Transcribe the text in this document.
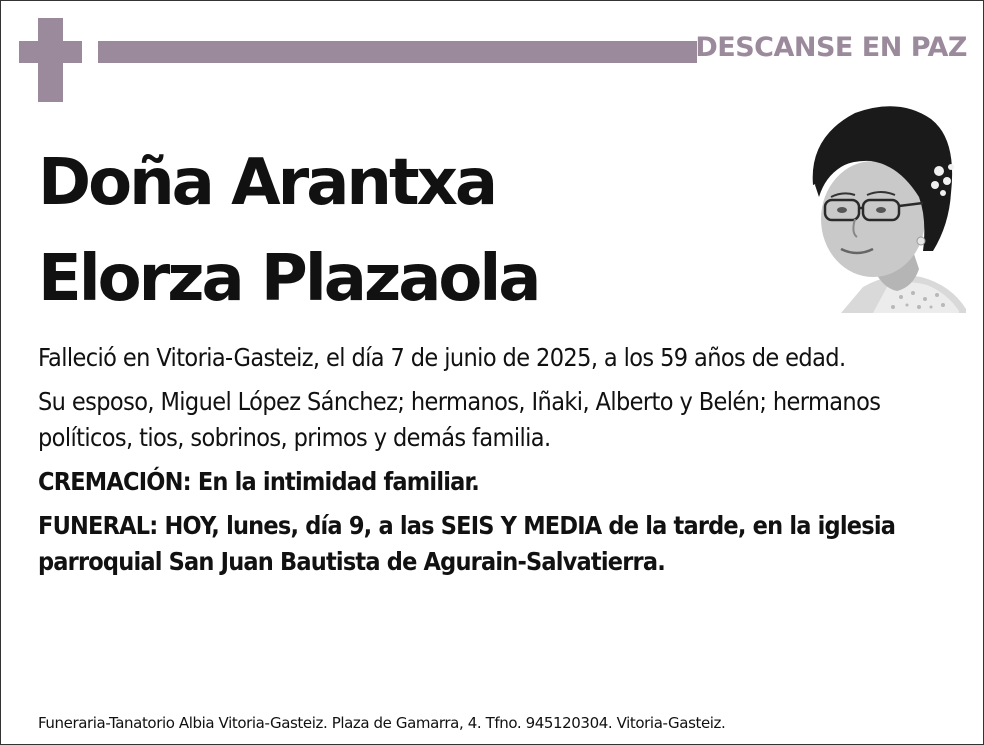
DESCANSE EN PAZ
Doña Arantxa
Elorza Plazaola

Falleció en Vitoria-Gasteiz, el día 7 de junio de 2025, a los 59 años de edad.

Su esposo, Miguel López Sánchez; hermanos, Iñaki, Alberto y Belén; hermanos políticos, tios, sobrinos, primos y demás familia.

CREMACIÓN: En la intimidad familiar.

FUNERAL: HOY, lunes, día 9, a las SEIS Y MEDIA de la tarde, en la iglesia parroquial San Juan Bautista de Agurain-Salvatierra.

Funeraria-Tanatorio Albia Vitoria-Gasteiz. Plaza de Gamarra, 4. Tfno. 945120304. Vitoria-Gasteiz.
